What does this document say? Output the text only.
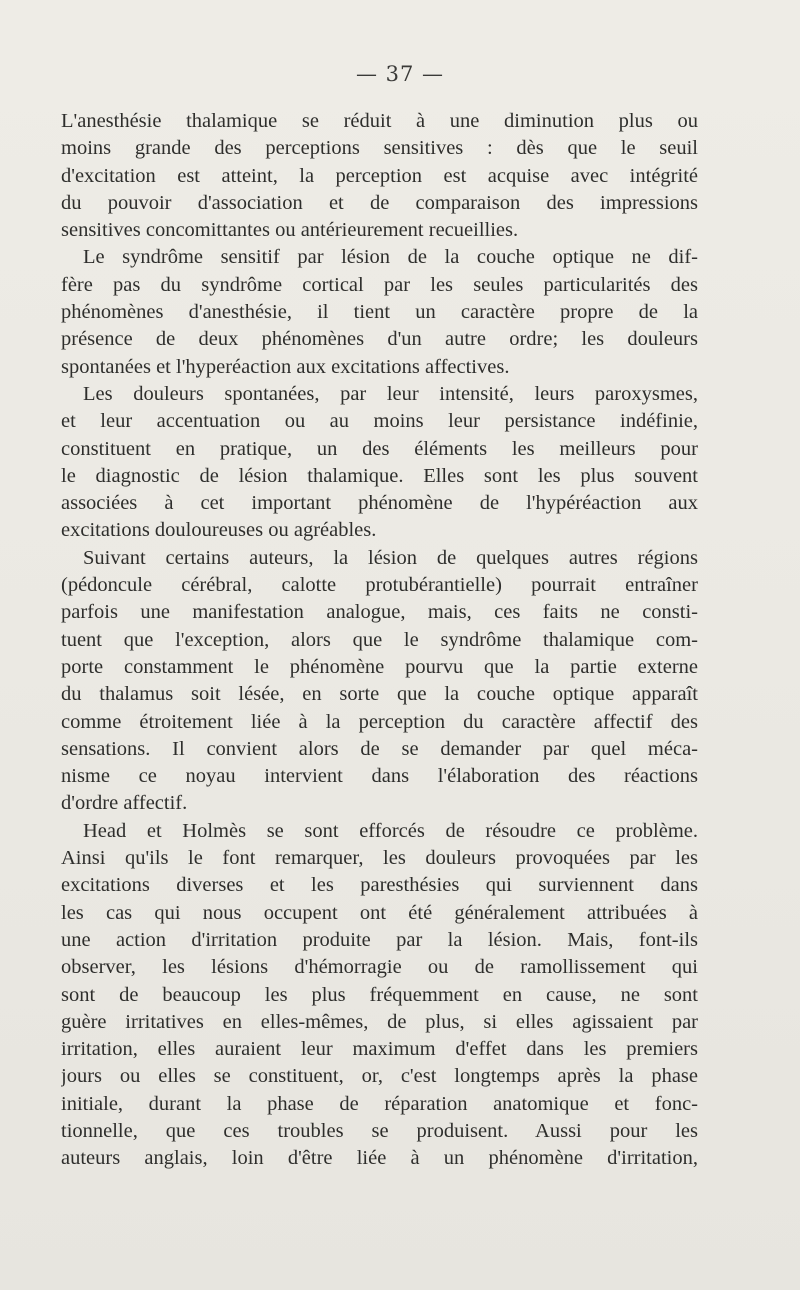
— 37 —
L'anesthésie thalamique se réduit à une diminution plus ou
moins grande des perceptions sensitives : dès que le seuil
d'excitation est atteint, la perception est acquise avec intégrité
du pouvoir d'association et de comparaison des impressions
sensitives concomittantes ou antérieurement recueillies.
Le syndrôme sensitif par lésion de la couche optique ne dif-
fère pas du syndrôme cortical par les seules particularités des
phénomènes d'anesthésie, il tient un caractère propre de la
présence de deux phénomènes d'un autre ordre; les douleurs
spontanées et l'hyperéaction aux excitations affectives.
Les douleurs spontanées, par leur intensité, leurs paroxysmes,
et leur accentuation ou au moins leur persistance indéfinie,
constituent en pratique, un des éléments les meilleurs pour
le diagnostic de lésion thalamique. Elles sont les plus souvent
associées à cet important phénomène de l'hypéréaction aux
excitations douloureuses ou agréables.
Suivant certains auteurs, la lésion de quelques autres régions
(pédoncule cérébral, calotte protubérantielle) pourrait entraîner
parfois une manifestation analogue, mais, ces faits ne consti-
tuent que l'exception, alors que le syndrôme thalamique com-
porte constamment le phénomène pourvu que la partie externe
du thalamus soit lésée, en sorte que la couche optique apparaît
comme étroitement liée à la perception du caractère affectif des
sensations. Il convient alors de se demander par quel méca-
nisme ce noyau intervient dans l'élaboration des réactions
d'ordre affectif.
Head et Holmès se sont efforcés de résoudre ce problème.
Ainsi qu'ils le font remarquer, les douleurs provoquées par les
excitations diverses et les paresthésies qui surviennent dans
les cas qui nous occupent ont été généralement attribuées à
une action d'irritation produite par la lésion. Mais, font-ils
observer, les lésions d'hémorragie ou de ramollissement qui
sont de beaucoup les plus fréquemment en cause, ne sont
guère irritatives en elles-mêmes, de plus, si elles agissaient par
irritation, elles auraient leur maximum d'effet dans les premiers
jours ou elles se constituent, or, c'est longtemps après la phase
initiale, durant la phase de réparation anatomique et fonc-
tionnelle, que ces troubles se produisent. Aussi pour les
auteurs anglais, loin d'être liée à un phénomène d'irritation,
